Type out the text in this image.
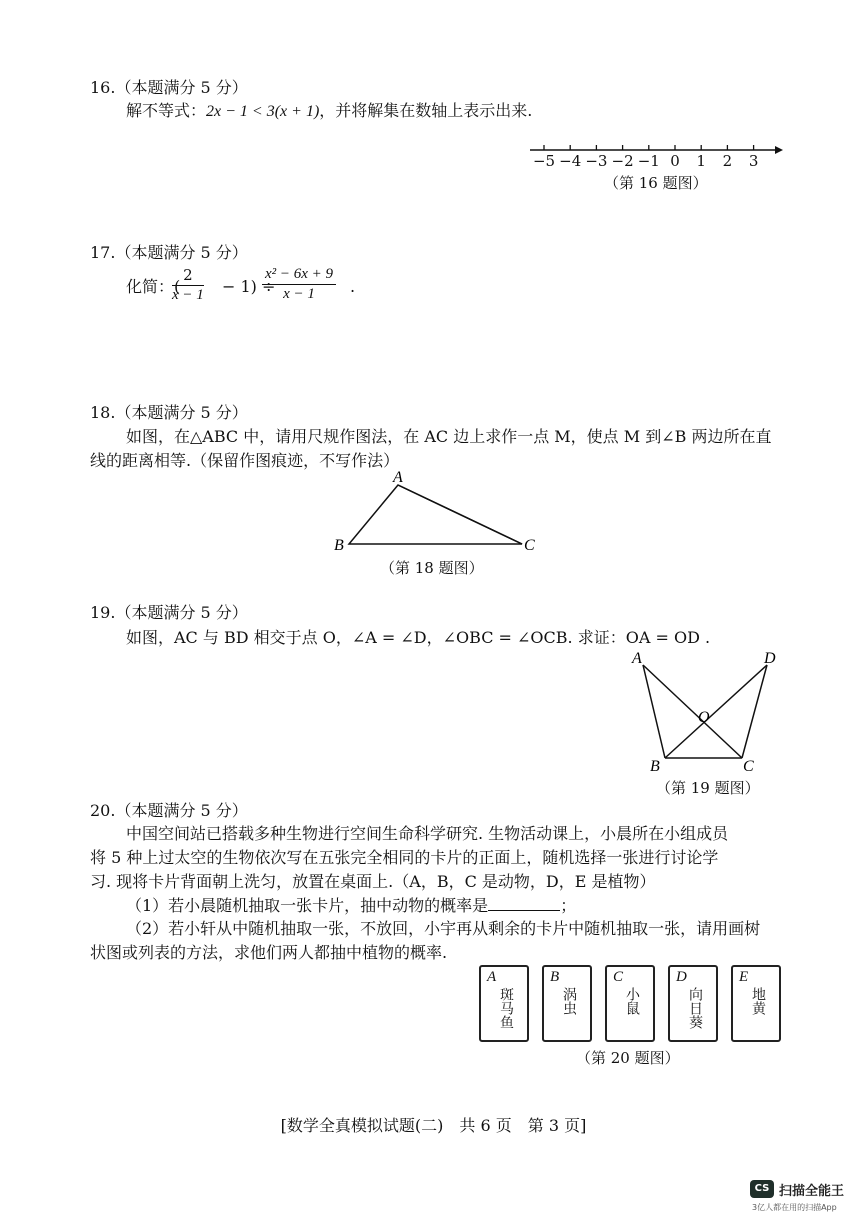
16.（本题满分 5 分）
解不等式：2x − 1 < 3(x + 1)，并将解集在数轴上表示出来.
−5 −4 −3 −2 −1 0	1	2	3
（第 16 题图）
17.（本题满分 5 分）
化简：(
$\frac{2}{x - 1} - 1$) ÷
$\frac{\text{x² − 6x + 9}}{x - 1}$ .
18.（本题满分 5 分）
如图，在△ABC 中，请用尺规作图法，在 AC 边上求作一点 M，使点 M 到∠B 两边所在直
线的距离相等.（保留作图痕迹，不写作法）
A
B	C
（第 18 题图）
19.（本题满分 5 分）
如图，AC 与 BD 相交于点 O，∠A = ∠D，∠OBC = ∠OCB. 求证：OA = OD .
A	D
O
B	C
（第 19 题图）
20.（本题满分 5 分）
中国空间站已搭载多种生物进行空间生命科学研究. 生物活动课上，小晨所在小组成员
将 5 种上过太空的生物依次写在五张完全相同的卡片的正面上，随机选择一张进行讨论学
习. 现将卡片背面朝上洗匀，放置在桌面上.（A，B，C 是动物，D，E 是植物）
（1）若小晨随机抽取一张卡片，抽中动物的概率是	；
（2）若小轩从中随机抽取一张，不放回，小宇再从剩余的卡片中随机抽取一张，请用画树
状图或列表的方法，求他们两人都抽中植物的概率.
A
斑马鱼
B
涡虫
C
小鼠
D
向日葵
E
地黄
（第 20 题图）
[数学全真模拟试题(二)　共 6 页　第 3 页]
CS 扫描全能王
3亿人都在用的扫描App
